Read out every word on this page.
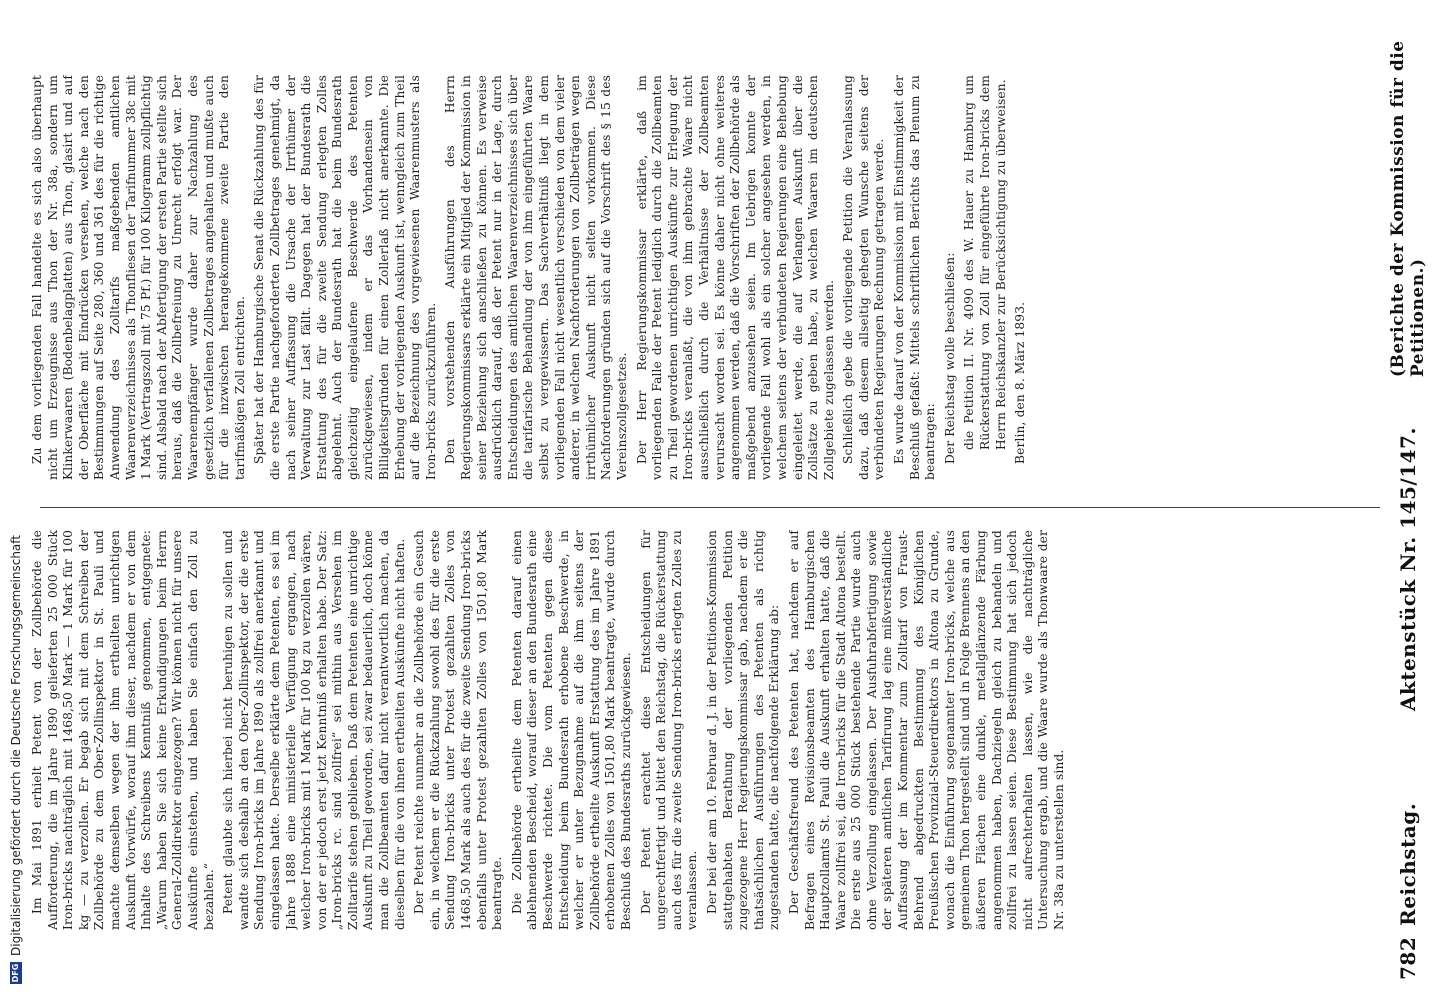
782
Reichstag.
Aktenstück Nr. 145/147.
(Berichte der Kommission für die Petitionen.)

Im Mai 1891 erhielt Petent von der Zollbehörde die Aufforderung, die im Jahre 1890 gelieferten 25 000 Stück Iron-bricks nachträglich mit 1468,50 Mark — 1 Mark für 100 kg — zu verzollen. Er begab sich mit dem Schreiben der Zollbehörde zu dem Ober-Zollinspektor in St. Pauli und machte demselben wegen der ihm ertheilten unrichtigen Auskunft Vorwürfe, worauf ihm dieser, nachdem er von dem Inhalte des Schreibens Kenntniß genommen, entgegnete: „Warum haben Sie sich keine Erkundigungen beim Herrn General-Zolldirektor eingezogen? Wir können nicht für unsere Auskünfte einstehen, und haben Sie einfach den Zoll zu bezahlen.“ Petent glaubte sich hierbei nicht beruhigen zu sollen und wandte sich deshalb an den Ober-Zollinspektor, der die erste Sendung Iron-bricks im Jahre 1890 als zollfrei anerkannt und eingelassen hatte. Derselbe erklärte dem Petenten, es sei im Jahre 1888 eine ministerielle Verfügung ergangen, nach welcher Iron-bricks mit 1 Mark für 100 kg zu verzollen wären, von der er jedoch erst jetzt Kenntniß erhalten habe. Der Satz: „Iron-bricks rc. sind zollfrei“ sei mithin aus Versehen im Zolltarife stehen geblieben. Daß dem Petenten eine unrichtige Auskunft zu Theil geworden, sei zwar bedauerlich, doch könne man die Zollbeamten dafür nicht verantwortlich machen, da dieselben für die von ihnen ertheilten Auskünfte nicht haften. Der Petent reichte nunmehr an die Zollbehörde ein Gesuch ein, in welchem er die Rückzahlung sowohl des für die erste Sendung Iron-bricks unter Protest gezahlten Zolles von 1468,50 Mark als auch des für die zweite Sendung Iron-bricks ebenfalls unter Protest gezahlten Zolles von 1501,80 Mark beantragte. Die Zollbehörde ertheilte dem Petenten darauf einen ablehnenden Bescheid, worauf dieser an den Bundesrath eine Beschwerde richtete. Die vom Petenten gegen diese Entscheidung beim Bundesrath erhobene Beschwerde, in welcher er unter Bezugnahme auf die ihm seitens der Zollbehörde ertheilte Auskunft Erstattung des im Jahre 1891 erhobenen Zolles von 1501,80 Mark beantragte, wurde durch Beschluß des Bundesraths zurückgewiesen. Der Petent erachtet diese Entscheidungen für ungerechtfertigt und bittet den Reichstag, die Rückerstattung auch des für die zweite Sendung Iron-bricks erlegten Zolles zu veranlassen. Der bei der am 10. Februar d. J. in der Petitions-Kommission stattgehabten Berathung der vorliegenden Petition zugezogene Herr Regierungskommissar gab, nachdem er die thatsächlichen Ausführungen des Petenten als richtig zugestanden hatte, die nachfolgende Erklärung ab: Der Geschäftsfreund des Petenten hat, nachdem er auf Befragen eines Revisionsbeamten des Hamburgischen Hauptzollamts St. Pauli die Auskunft erhalten hatte, daß die Waare zollfrei sei, die Iron-bricks für die Stadt Altona bestellt. Die erste aus 25 000 Stück bestehende Partie wurde auch ohne Verzollung eingelassen. Der Ausfuhrabfertigung sowie der späteren amtlichen Tarifirung lag eine mißverständliche Auffassung der im Kommentar zum Zolltarif von Fraust-Behrend abgedruckten Bestimmung des Königlichen Preußischen Provinzial-Steuerdirektors in Altona zu Grunde, wonach die Einführung sogenannter Iron-bricks, welche aus gemeinem Thon hergestellt sind und in Folge Brennens an den äußeren Flächen eine dunkle, metallglänzende Färbung angenommen haben, Dachziegeln gleich zu behandeln und zollfrei zu lassen seien. Diese Bestimmung hat sich jedoch nicht aufrechterhalten lassen, wie die nachträgliche Untersuchung ergab, und die Waare wurde als Thonwaare der Nr. 38a zu unterstellen sind.

Zu dem vorliegenden Fall handelte es sich also überhaupt nicht um Erzeugnisse aus Thon der Nr. 38a, sondern um Klinkerwaaren (Bodenbelagplatten) aus Thon, glasirt und auf der Oberfläche mit Eindrücken versehen, welche nach den Bestimmungen auf Seite 280, 360 und 361 des für die richtige Anwendung des Zolltarifs maßgebenden amtlichen Waarenverzeichnisses als Thonfliesen der Tarifnummer 38c mit 1 Mark (Vertragszoll mit 75 Pf.) für 100 Kilogramm zollpflichtig sind. Alsbald nach der Abfertigung der ersten Partie stellte sich heraus, daß die Zollbefreiung zu Unrecht erfolgt war. Der Waarenempfänger wurde daher zur Nachzahlung des gesetzlich verfallenen Zollbetrages angehalten und mußte auch für die inzwischen herangekommene zweite Partie den tarifmäßigen Zoll entrichten. Später hat der Hamburgische Senat die Rückzahlung des für die erste Partie nachgeforderten Zollbetrages genehmigt, da nach seiner Auffassung die Ursache der Irrthümer der Verwaltung zur Last fällt. Dagegen hat der Bundesrath die Erstattung des für die zweite Sendung erlegten Zolles abgelehnt. Auch der Bundesrath hat die beim Bundesrath gleichzeitig eingelaufene Beschwerde des Petenten zurückgewiesen, indem er das Vorhandensein von Billigkeitsgründen für einen Zollerlaß nicht anerkannte. Die Erhebung der vorliegenden Auskunft ist, wenngleich zum Theil auf die Bezeichnung des vorgewiesenen Waarenmusters als Iron-bricks zurückzuführen. Den vorstehenden Ausführungen des Herrn Regierungskommissars erklärte ein Mitglied der Kommission in seiner Beziehung sich anschließen zu können. Es verweise ausdrücklich darauf, daß der Petent nur in der Lage, durch Entscheidungen des amtlichen Waarenverzeichnisses sich über die tarifarische Behandlung der von ihm eingeführten Waare selbst zu vergewissern. Das Sachverhältniß liegt in dem vorliegenden Fall nicht wesentlich verschieden von dem vieler anderer, in welchen Nachforderungen von Zollbeträgen wegen irrthümlicher Auskunft nicht selten vorkommen. Diese Nachforderungen gründen sich auf die Vorschrift des § 15 des Vereinszollgesetzes. Der Herr Regierungskommissar erklärte, daß im vorliegenden Falle der Petent lediglich durch die Zollbeamten zu Theil gewordenen unrichtigen Auskünfte zur Erlegung der Iron-bricks veranlaßt, die von ihm gebrachte Waare nicht ausschließlich durch die Verhältnisse der Zollbeamten verursacht worden sei. Es könne daher nicht ohne weiteres angenommen werden, daß die Vorschriften der Zollbehörde als maßgebend anzusehen seien. Im Uebrigen konnte der vorliegende Fall wohl als ein solcher angesehen werden, in welchem seitens der verbündeten Regierungen eine Behebung eingeleitet werde, die auf Verlangen Auskunft über die Zollsätze zu geben habe, zu welchen Waaren im deutschen Zollgebiete zugelassen werden. Schließlich gebe die vorliegende Petition die Veranlassung dazu, daß diesem allseitig gehegten Wunsche seitens der verbündeten Regierungen Rechnung getragen werde. Es wurde darauf von der Kommission mit Einstimmigkeit der Beschluß gefaßt: Mittels schriftlichen Berichts das Plenum zu beantragen: Der Reichstag wolle beschließen: die Petition II. Nr. 4090 des W. Hauer zu Hamburg um Rückerstattung von Zoll für eingeführte Iron-bricks dem Herrn Reichskanzler zur Berücksichtigung zu überweisen. Berlin, den 8. März 1893.

DFG
Digitalisierung gefördert durch die Deutsche Forschungsgemeinschaft
